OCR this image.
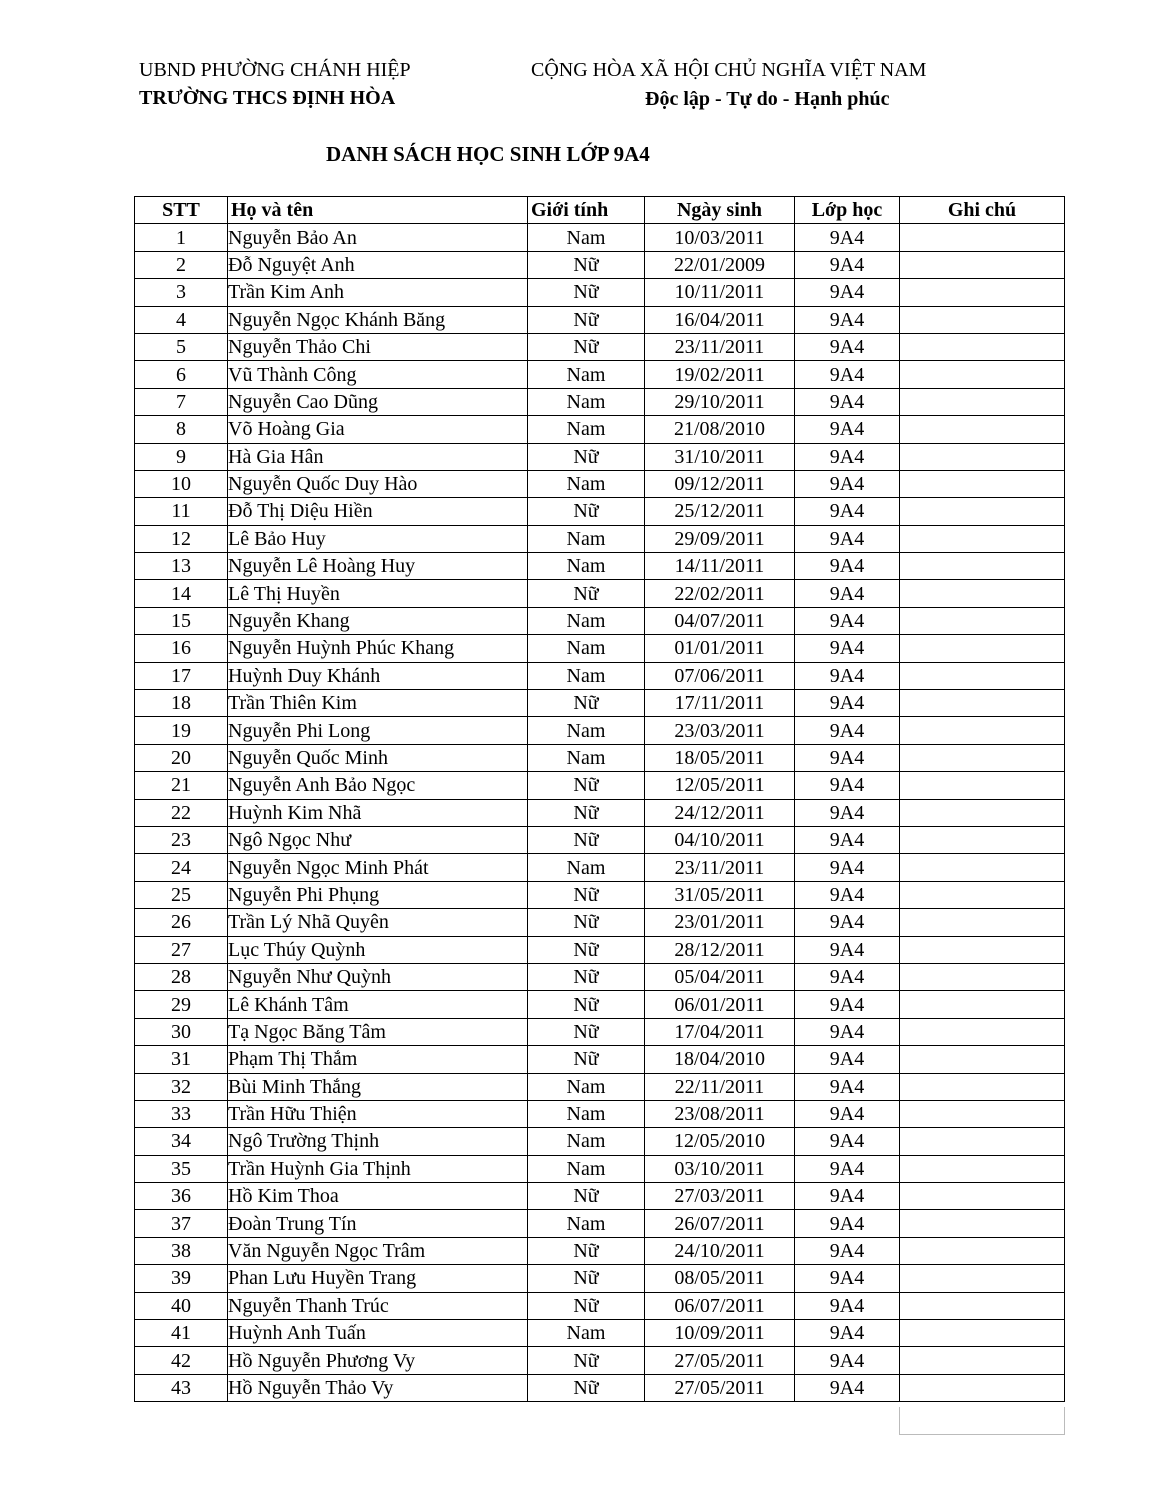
UBND PHƯỜNG CHÁNH HIỆP
TRƯỜNG THCS ĐỊNH HÒA
CỘNG HÒA XÃ HỘI CHỦ NGHĨA VIỆT NAM
Độc lập - Tự do - Hạnh phúc
DANH SÁCH HỌC SINH LỚP 9A4
STT	Họ và tên	Giới tính	Ngày sinh	Lớp học	Ghi chú
1	Nguyễn Bảo An	Nam	10/03/2011	9A4	
2	Đỗ Nguyệt Anh	Nữ	22/01/2009	9A4	
3	Trần Kim Anh	Nữ	10/11/2011	9A4	
4	Nguyễn Ngọc Khánh Băng	Nữ	16/04/2011	9A4	
5	Nguyễn Thảo Chi	Nữ	23/11/2011	9A4	
6	Vũ Thành Công	Nam	19/02/2011	9A4	
7	Nguyễn Cao Dũng	Nam	29/10/2011	9A4	
8	Võ Hoàng Gia	Nam	21/08/2010	9A4	
9	Hà Gia Hân	Nữ	31/10/2011	9A4	
10	Nguyễn Quốc Duy Hào	Nam	09/12/2011	9A4	
11	Đỗ Thị Diệu Hiền	Nữ	25/12/2011	9A4	
12	Lê Bảo Huy	Nam	29/09/2011	9A4	
13	Nguyễn Lê Hoàng Huy	Nam	14/11/2011	9A4	
14	Lê Thị Huyền	Nữ	22/02/2011	9A4	
15	Nguyễn Khang	Nam	04/07/2011	9A4	
16	Nguyễn Huỳnh Phúc Khang	Nam	01/01/2011	9A4	
17	Huỳnh Duy Khánh	Nam	07/06/2011	9A4	
18	Trần Thiên Kim	Nữ	17/11/2011	9A4	
19	Nguyễn Phi Long	Nam	23/03/2011	9A4	
20	Nguyễn Quốc Minh	Nam	18/05/2011	9A4	
21	Nguyễn Anh Bảo Ngọc	Nữ	12/05/2011	9A4	
22	Huỳnh Kim Nhã	Nữ	24/12/2011	9A4	
23	Ngô Ngọc Như	Nữ	04/10/2011	9A4	
24	Nguyễn Ngọc Minh Phát	Nam	23/11/2011	9A4	
25	Nguyễn Phi Phụng	Nữ	31/05/2011	9A4	
26	Trần Lý Nhã Quyên	Nữ	23/01/2011	9A4	
27	Lục Thúy Quỳnh	Nữ	28/12/2011	9A4	
28	Nguyễn Như Quỳnh	Nữ	05/04/2011	9A4	
29	Lê Khánh Tâm	Nữ	06/01/2011	9A4	
30	Tạ Ngọc Băng Tâm	Nữ	17/04/2011	9A4	
31	Phạm Thị Thắm	Nữ	18/04/2010	9A4	
32	Bùi Minh Thắng	Nam	22/11/2011	9A4	
33	Trần Hữu Thiện	Nam	23/08/2011	9A4	
34	Ngô Trường Thịnh	Nam	12/05/2010	9A4	
35	Trần Huỳnh Gia Thịnh	Nam	03/10/2011	9A4	
36	Hồ Kim Thoa	Nữ	27/03/2011	9A4	
37	Đoàn Trung Tín	Nam	26/07/2011	9A4	
38	Văn Nguyễn Ngọc Trâm	Nữ	24/10/2011	9A4	
39	Phan Lưu Huyền Trang	Nữ	08/05/2011	9A4	
40	Nguyễn Thanh Trúc	Nữ	06/07/2011	9A4	
41	Huỳnh Anh Tuấn	Nam	10/09/2011	9A4	
42	Hồ Nguyễn Phương Vy	Nữ	27/05/2011	9A4	
43	Hồ Nguyễn Thảo Vy	Nữ	27/05/2011	9A4	
